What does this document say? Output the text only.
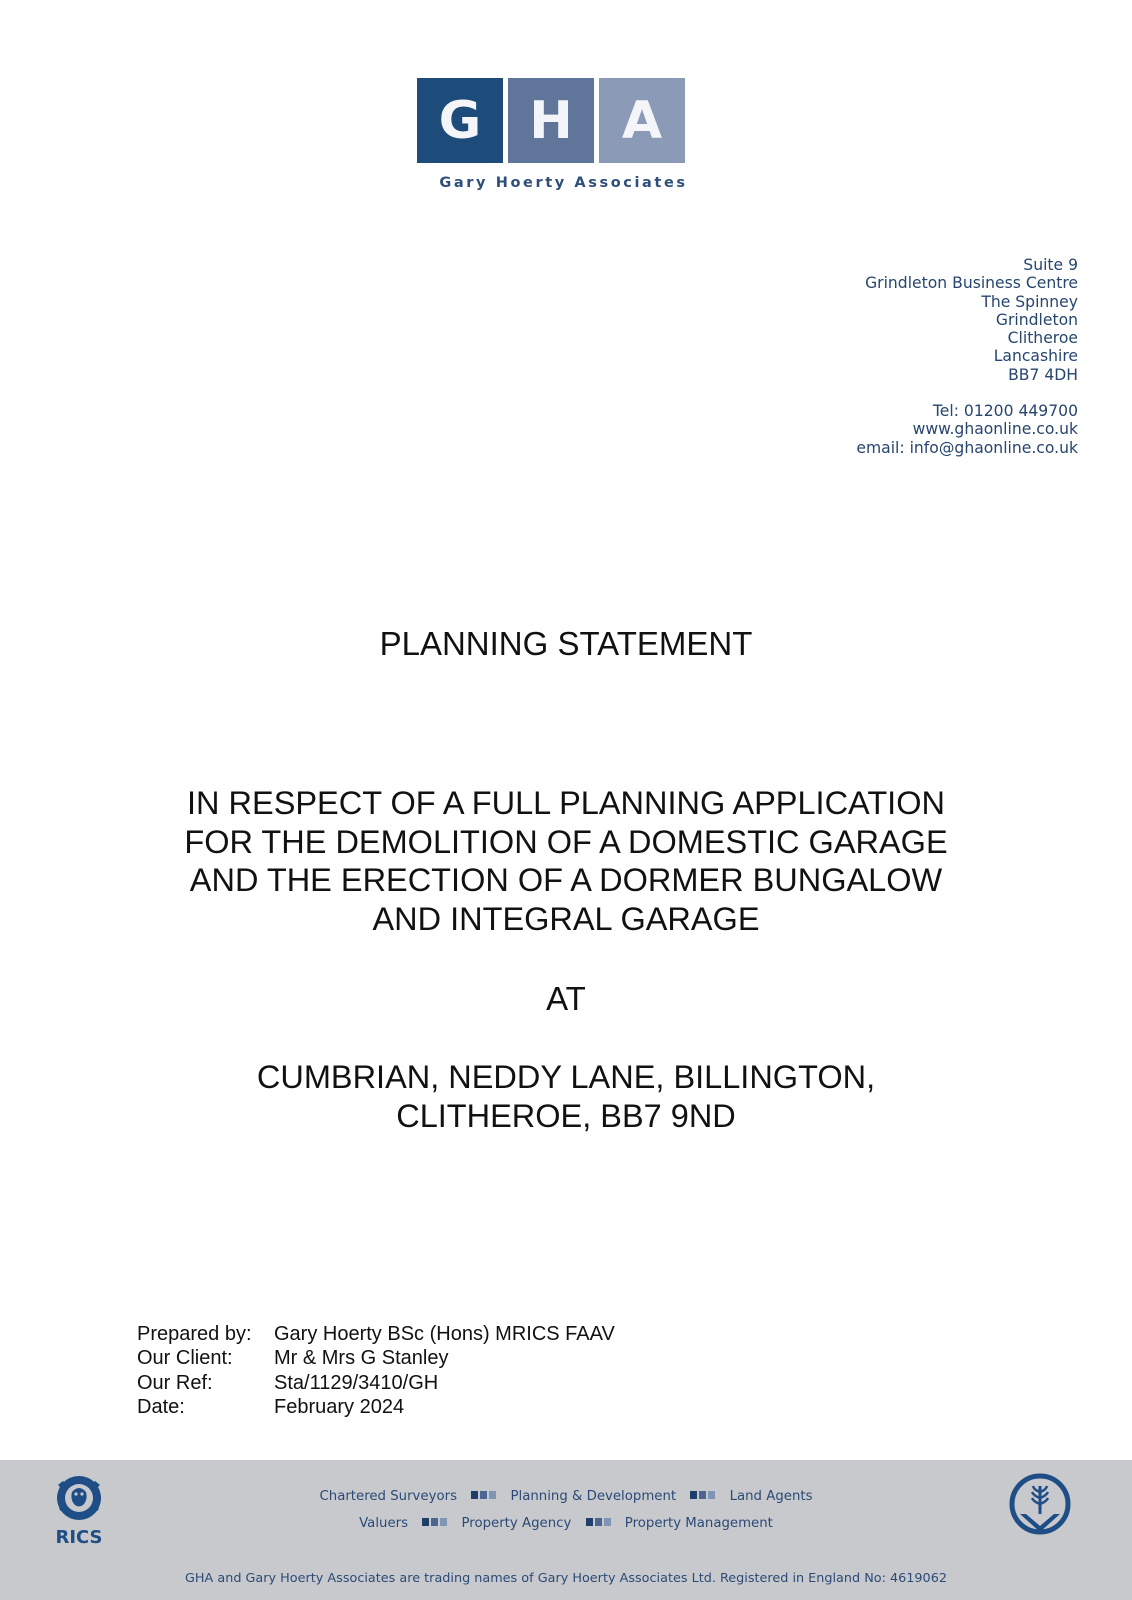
G H A
Gary Hoerty Associates
Suite 9
Grindleton Business Centre
The Spinney
Grindleton
Clitheroe
Lancashire
BB7 4DH
Tel: 01200 449700
www.ghaonline.co.uk
email: info@ghaonline.co.uk
PLANNING STATEMENT
IN RESPECT OF A FULL PLANNING APPLICATION
FOR THE DEMOLITION OF A DOMESTIC GARAGE
AND THE ERECTION OF A DORMER BUNGALOW
AND INTEGRAL GARAGE
AT
CUMBRIAN, NEDDY LANE, BILLINGTON,
CLITHEROE, BB7 9ND
Prepared by:	Gary Hoerty BSc (Hons) MRICS FAAV
Our Client:	Mr & Mrs G Stanley
Our Ref:	Sta/1129/3410/GH
Date:	February 2024
RICS
Chartered Surveyors	Planning & Development	Land Agents
Valuers	Property Agency	Property Management
GHA and Gary Hoerty Associates are trading names of Gary Hoerty Associates Ltd. Registered in England No: 4619062
